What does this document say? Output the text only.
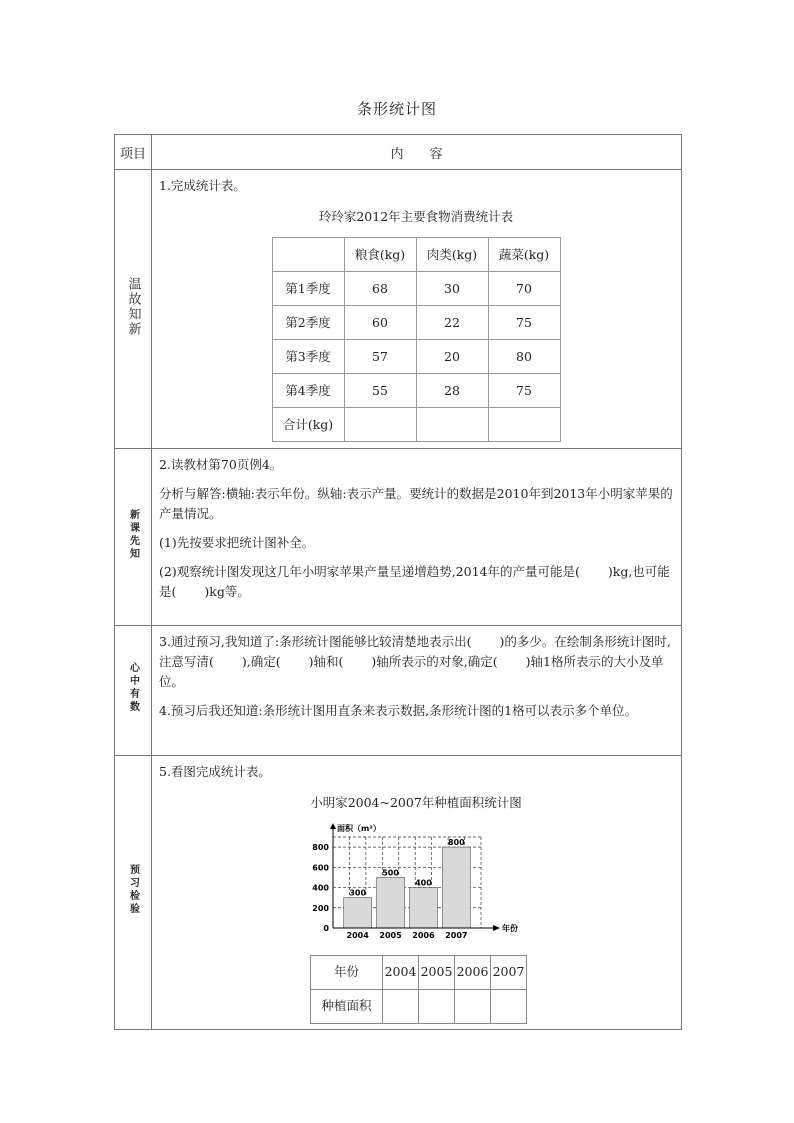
条形统计图
项目	内　　容
温故知新	
1.完成统计表。
玲玲家2012年主要食物消费统计表
	粮食(kg)	肉类(kg)	蔬菜(kg)
第1季度	68	30	70
第2季度	60	22	75
第3季度	57	20	80
第4季度	55	28	75
合计(kg)			

新课先知	
2.读教材第70页例4。
分析与解答:横轴:表示年份。纵轴:表示产量。要统计的数据是2010年到2013年小明家苹果的产量情况。
(1)先按要求把统计图补全。
(2)观察统计图发现这几年小明家苹果产量呈递增趋势,2014年的产量可能是( )kg,也可能是( )kg等。

心中有数	
3.通过预习,我知道了:条形统计图能够比较清楚地表示出( )的多少。在绘制条形统计图时,注意写清( ),确定( )轴和( )轴所表示的对象,确定( )轴1格所表示的大小及单位。
4.预习后我还知道:条形统计图用直条来表示数据,条形统计图的1格可以表示多个单位。

预习检验	
5.看图完成统计表。
小明家2004~2007年种植面积统计图
300
2004
500
2005
400
2006
800
2007
0
200
400
600
800
面积（m²）
年份
年份	2004	2005	2006	2007
种植面积				
